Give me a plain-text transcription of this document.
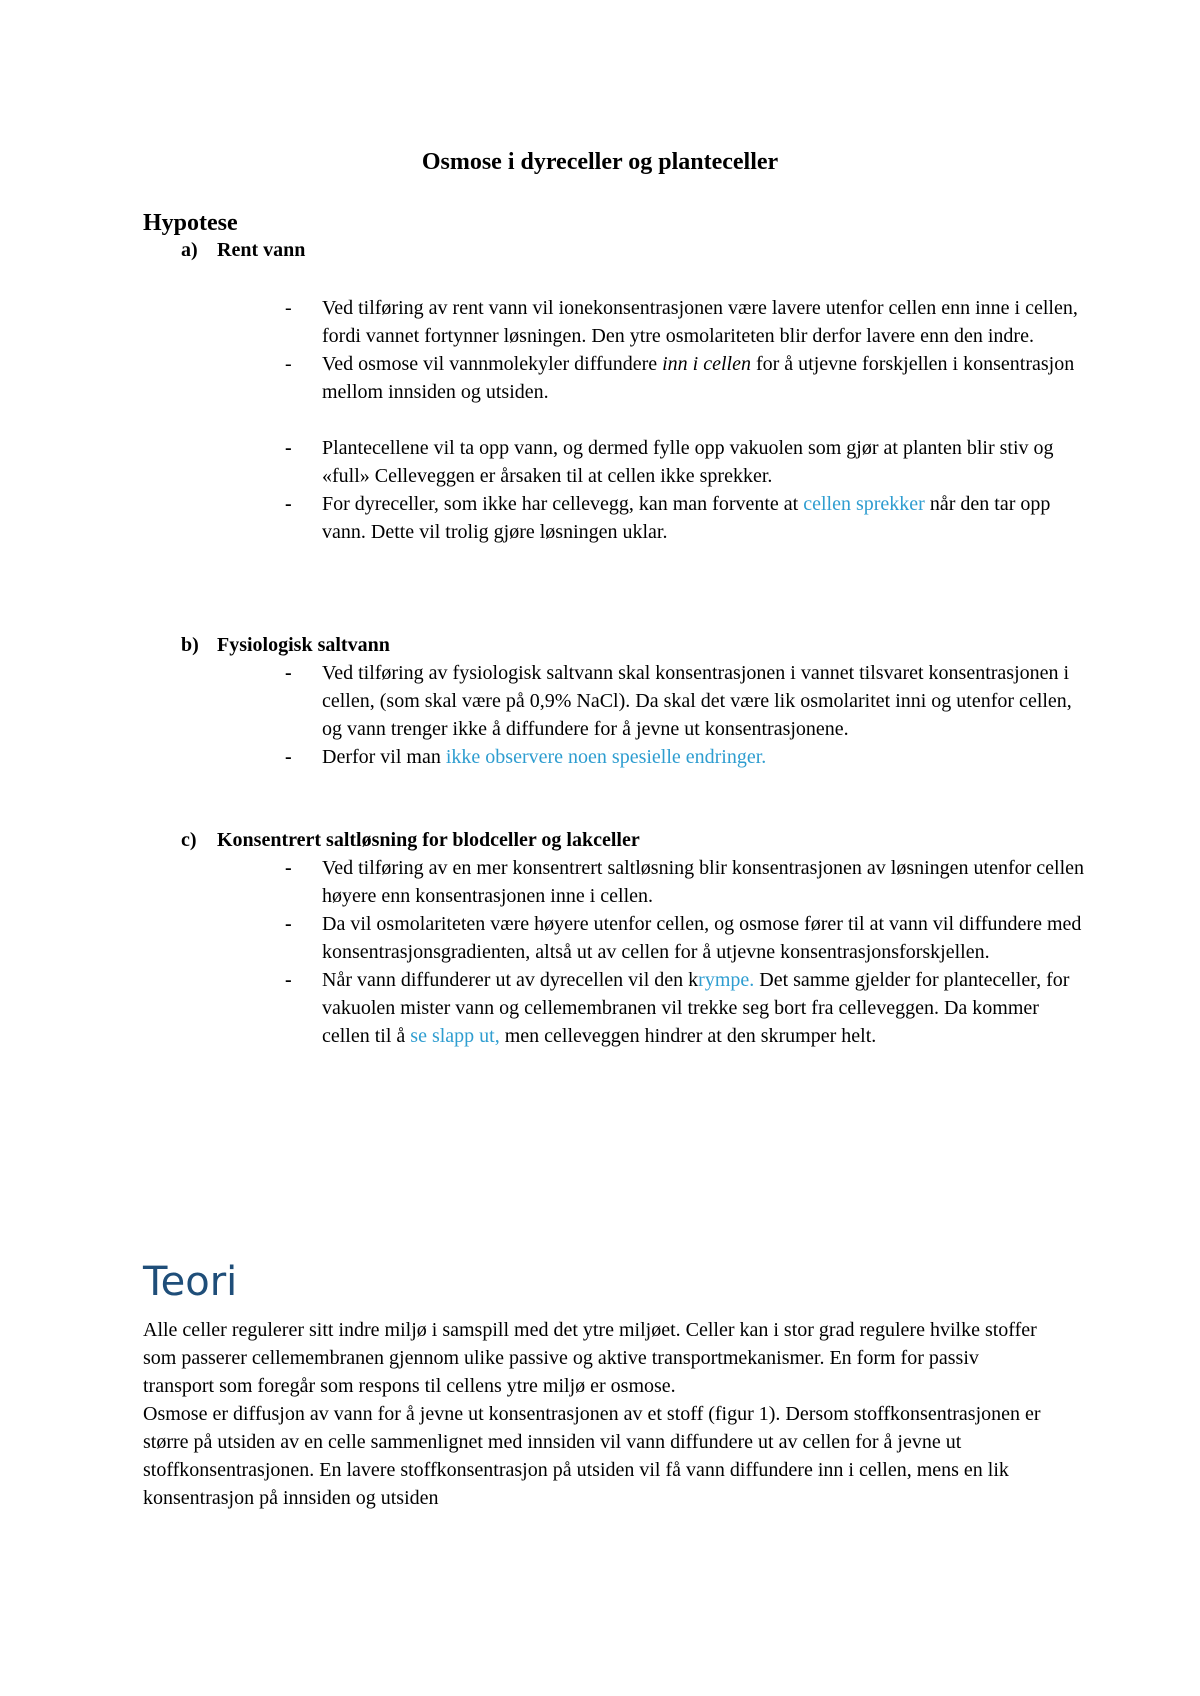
Osmose i dyreceller og planteceller
Hypotese
a) Rent vann
-	Ved tilføring av rent vann vil ionekonsentrasjonen være lavere utenfor cellen enn inne i cellen, fordi vannet fortynner løsningen. Den ytre osmolariteten blir derfor lavere enn den indre.
-	Ved osmose vil vannmolekyler diffundere inn i cellen for å utjevne forskjellen i konsentrasjon mellom innsiden og utsiden.
-	Plantecellene vil ta opp vann, og dermed fylle opp vakuolen som gjør at planten blir stiv og «full» Celleveggen er årsaken til at cellen ikke sprekker.
-	For dyreceller, som ikke har cellevegg, kan man forvente at cellen sprekker når den tar opp vann. Dette vil trolig gjøre løsningen uklar.
b) Fysiologisk saltvann
-	Ved tilføring av fysiologisk saltvann skal konsentrasjonen i vannet tilsvaret konsentrasjonen i cellen, (som skal være på 0,9% NaCl). Da skal det være lik osmolaritet inni og utenfor cellen, og vann trenger ikke å diffundere for å jevne ut konsentrasjonene.
-	Derfor vil man ikke observere noen spesielle endringer.
c) Konsentrert saltløsning for blodceller og lakceller
-	Ved tilføring av en mer konsentrert saltløsning blir konsentrasjonen av løsningen utenfor cellen høyere enn konsentrasjonen inne i cellen.
-	Da vil osmolariteten være høyere utenfor cellen, og osmose fører til at vann vil diffundere med konsentrasjonsgradienten, altså ut av cellen for å utjevne konsentrasjonsforskjellen.
-	Når vann diffunderer ut av dyrecellen vil den krympe. Det samme gjelder for planteceller, for vakuolen mister vann og cellemembranen vil trekke seg bort fra celleveggen. Da kommer cellen til å se slapp ut, men celleveggen hindrer at den skrumper helt.
Teori

Alle celler regulerer sitt indre miljø i samspill med det ytre miljøet. Celler kan i stor grad regulere hvilke stoffer som passerer cellemembranen gjennom ulike passive og aktive transportmekanismer. En form for passiv transport som foregår som respons til cellens ytre miljø er osmose.

Osmose er diffusjon av vann for å jevne ut konsentrasjonen av et stoff (figur 1). Dersom stoffkonsentrasjonen er større på utsiden av en celle sammenlignet med innsiden vil vann diffundere ut av cellen for å jevne ut stoffkonsentrasjonen. En lavere stoffkonsentrasjon på utsiden vil få vann diffundere inn i cellen, mens en lik konsentrasjon på innsiden og utsiden
